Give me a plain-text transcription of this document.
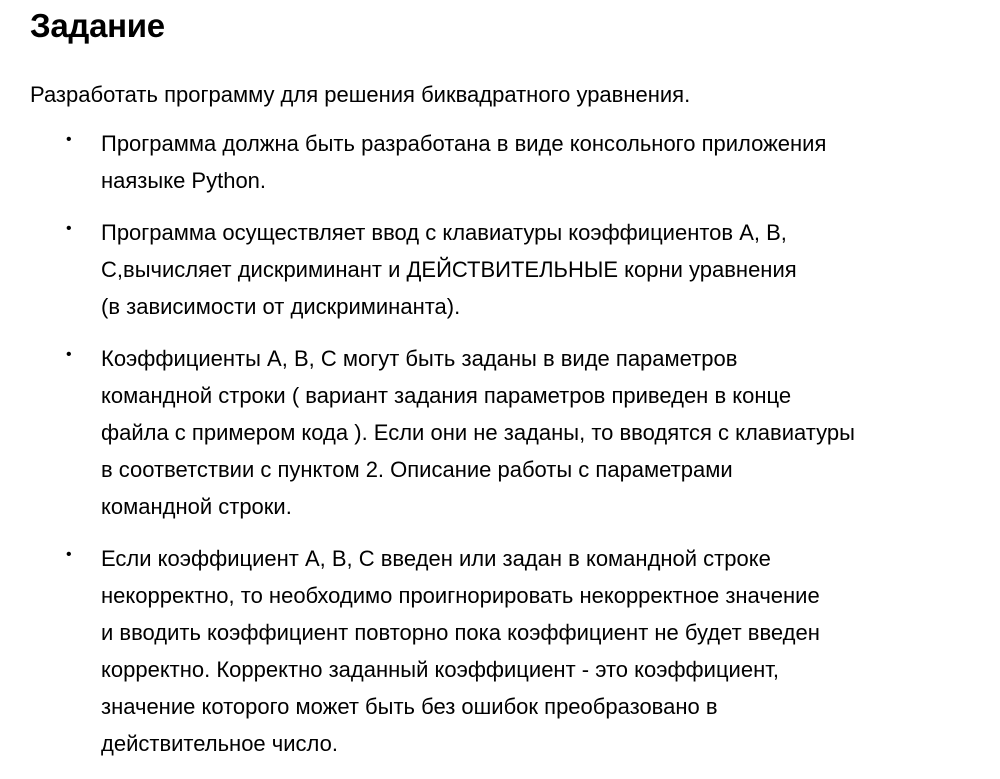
Задание

Разработать программу для решения биквадратного уравнения.

• Программа должна быть разработана в виде консольного приложения
наязыке Python.
• Программа осуществляет ввод с клавиатуры коэффициентов А, В,
С,вычисляет дискриминант и ДЕЙСТВИТЕЛЬНЫЕ корни уравнения
(в зависимости от дискриминанта).
• Коэффициенты А, В, С могут быть заданы в виде параметров
командной строки ( вариант задания параметров приведен в конце
файла с примером кода ). Если они не заданы, то вводятся с клавиатуры
в соответствии с пунктом 2. Описание работы с параметрами
командной строки.
• Если коэффициент А, В, С введен или задан в командной строке
некорректно, то необходимо проигнорировать некорректное значение
и вводить коэффициент повторно пока коэффициент не будет введен
корректно. Корректно заданный коэффициент - это коэффициент,
значение которого может быть без ошибок преобразовано в
действительное число.
